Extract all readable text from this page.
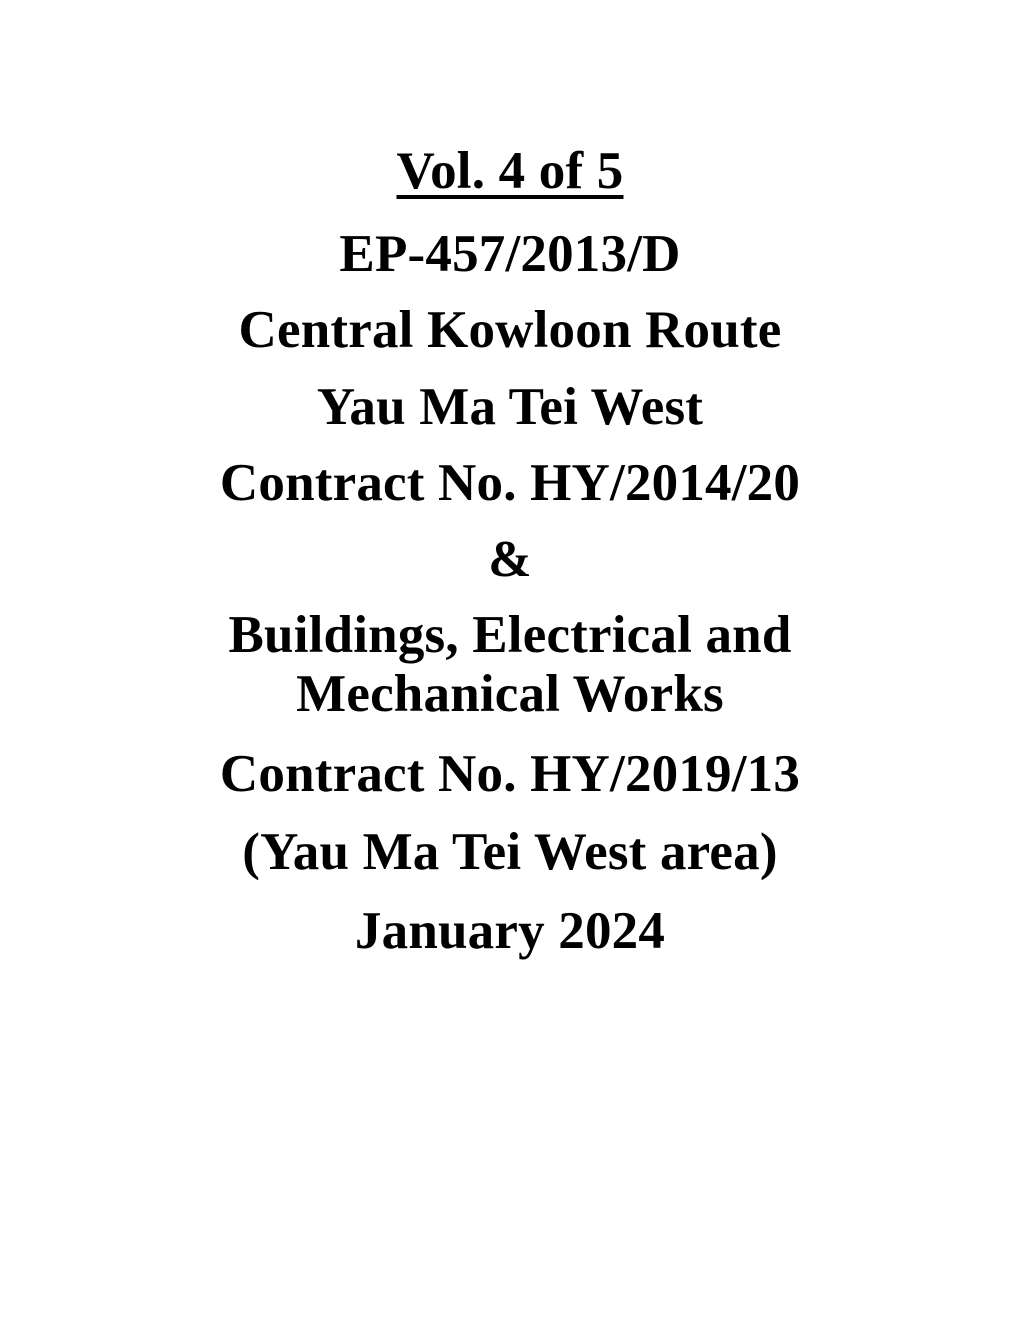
Vol. 4 of 5
EP-457/2013/D
Central Kowloon Route
Yau Ma Tei West
Contract No. HY/2014/20
&
Buildings, Electrical and Mechanical Works
Contract No. HY/2019/13
(Yau Ma Tei West area)
January 2024
